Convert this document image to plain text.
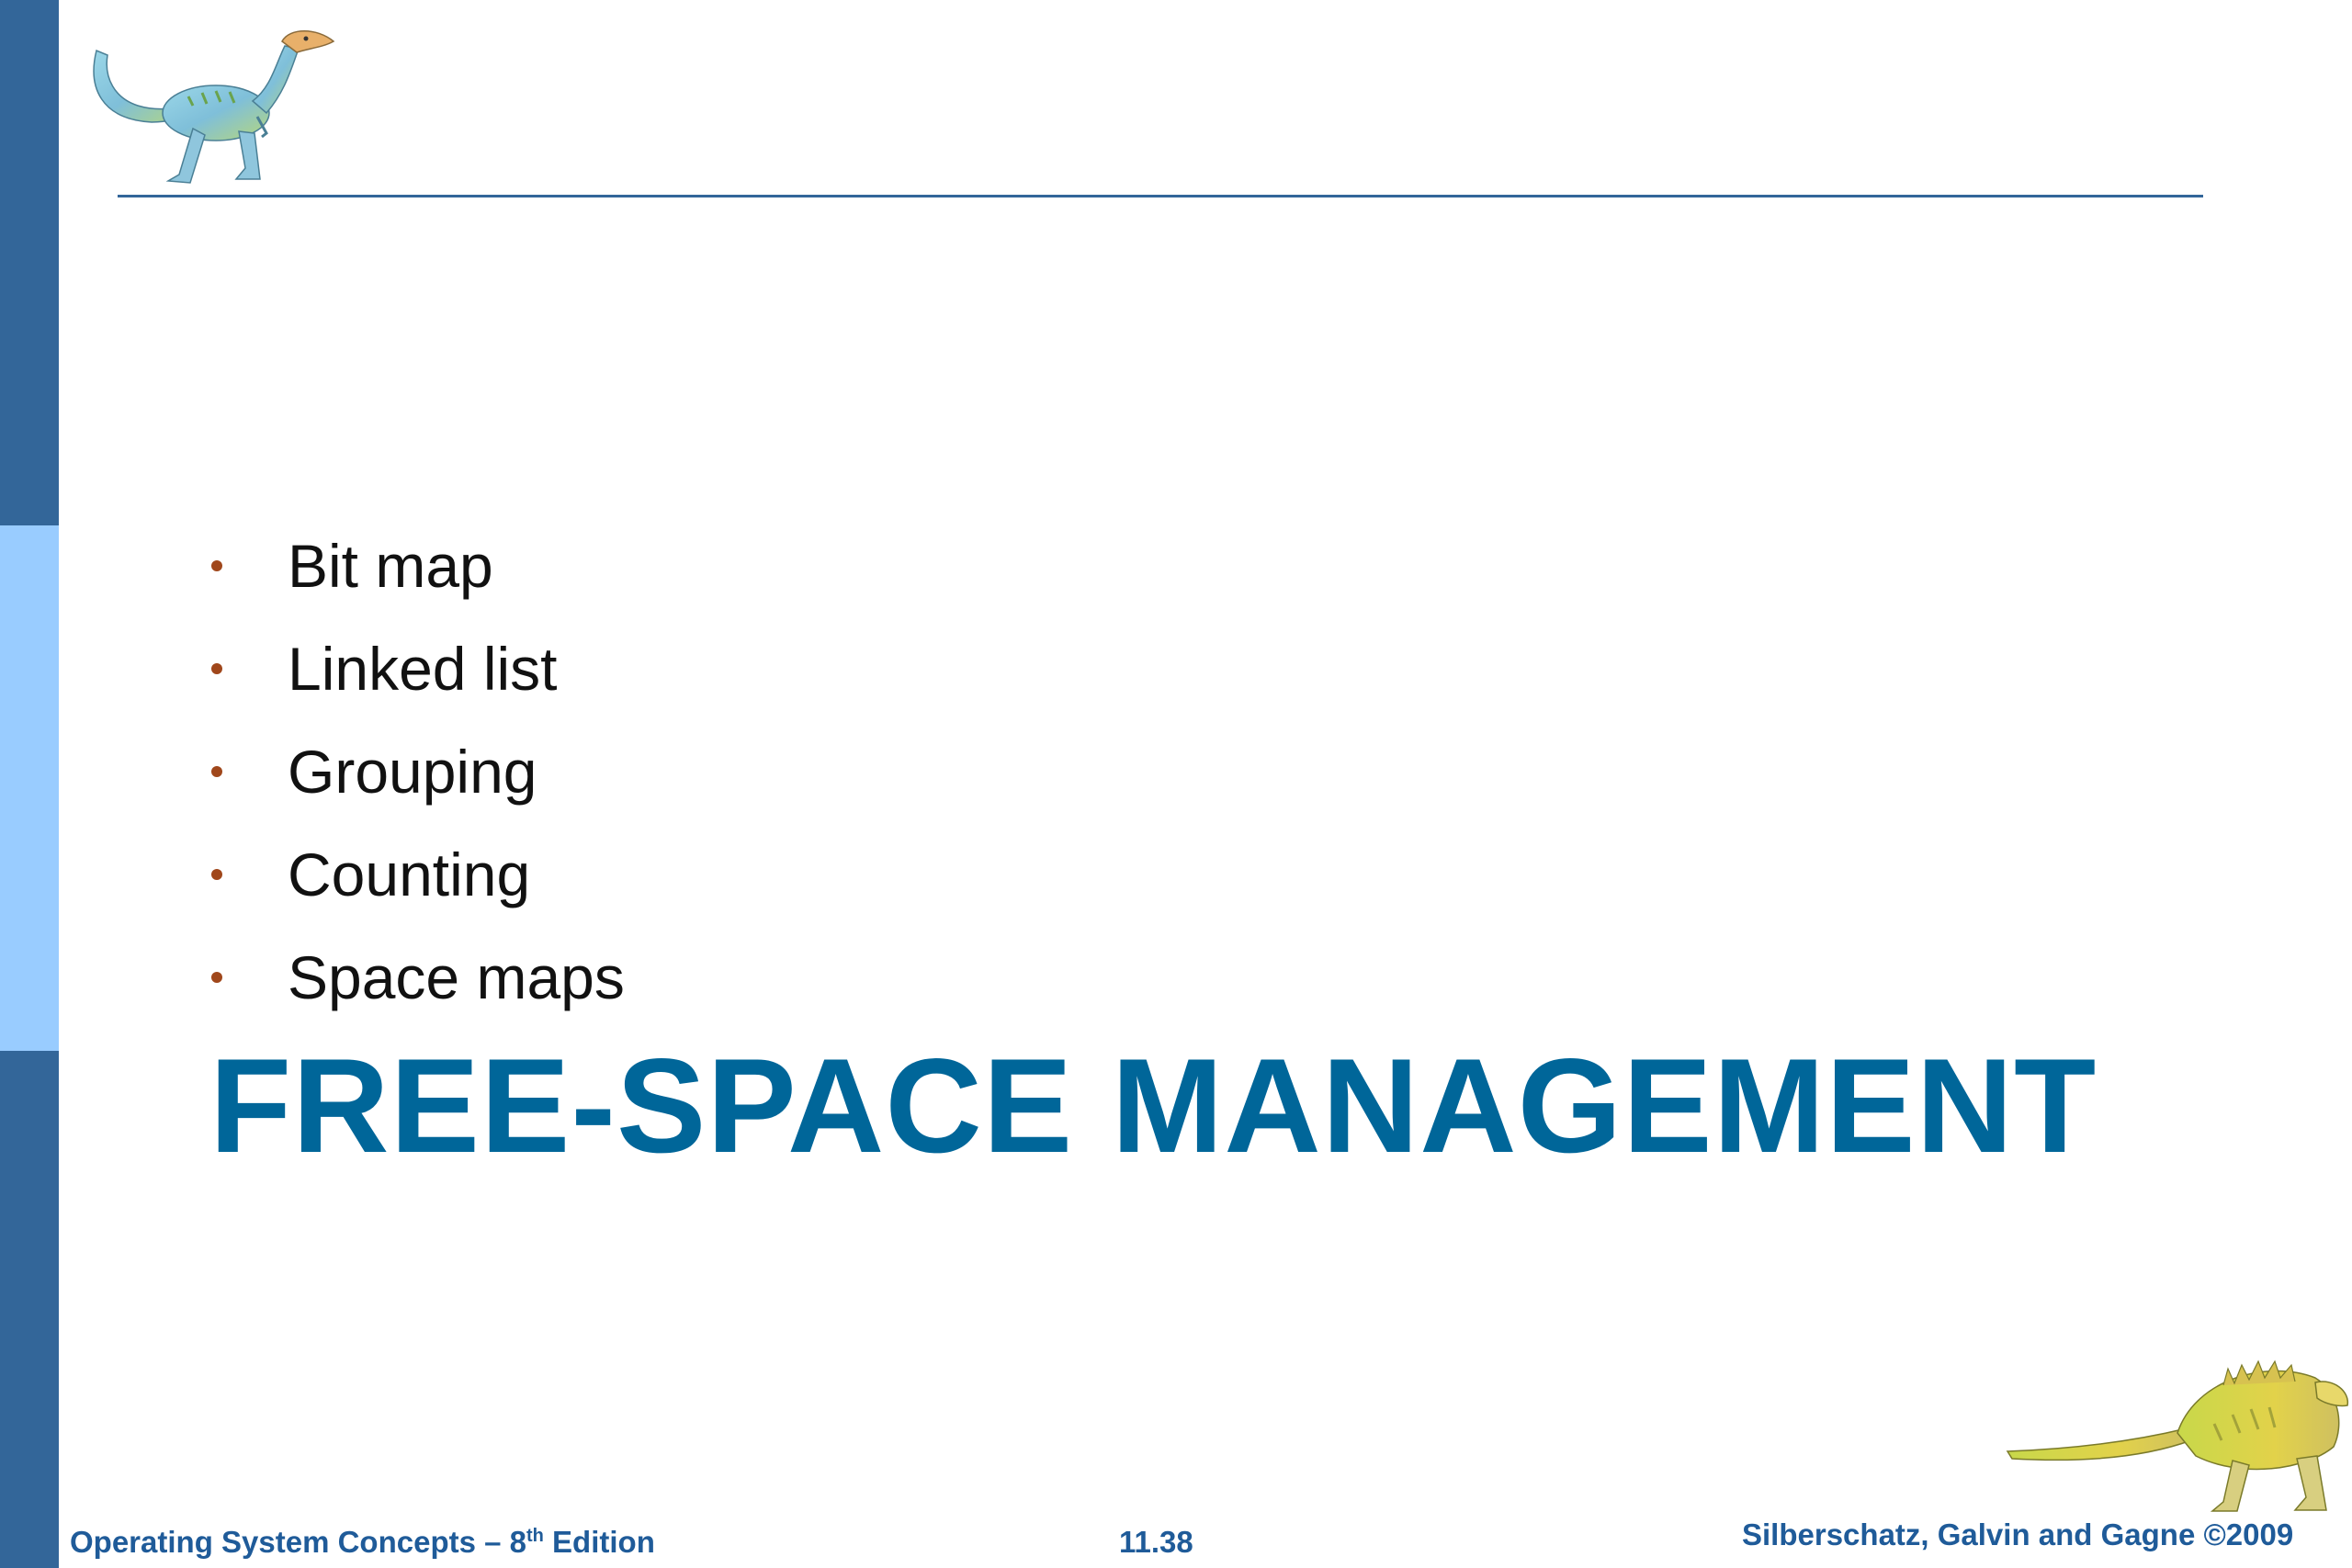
Bit map
Linked list
Grouping
Counting
Space maps
FREE-SPACE MANAGEMENT
Operating System Concepts – 8th Edition	11.38	Silberschatz, Galvin and Gagne ©2009
